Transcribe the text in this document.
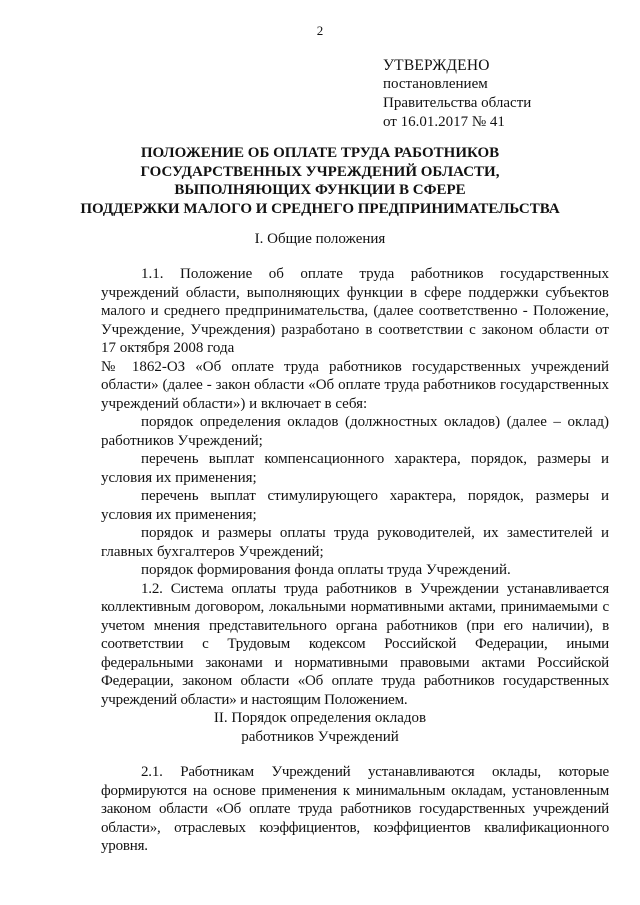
2
УТВЕРЖДЕНО
постановлением
Правительства области
от 16.01.2017 № 41
ПОЛОЖЕНИЕ ОБ ОПЛАТЕ ТРУДА РАБОТНИКОВ
ГОСУДАРСТВЕННЫХ УЧРЕЖДЕНИЙ ОБЛАСТИ,
ВЫПОЛНЯЮЩИХ ФУНКЦИИ В СФЕРЕ
ПОДДЕРЖКИ МАЛОГО И СРЕДНЕГО ПРЕДПРИНИМАТЕЛЬСТВА
I. Общие положения

1.1. Положение об оплате труда работников государственных учреждений области, выполняющих функции в сфере поддержки субъектов малого и среднего предпринимательства, (далее соответственно - Положение, Учреждение, Учреждения) разработано в соответствии с законом области от 17 октября 2008 года

№ 1862-ОЗ «Об оплате труда работников государственных учреждений области» (далее - закон области «Об оплате труда работников государственных учреждений области») и включает в себя:

порядок определения окладов (должностных окладов) (далее – оклад) работников Учреждений;

перечень выплат компенсационного характера, порядок, размеры и условия их применения;

перечень выплат стимулирующего характера, порядок, размеры и условия их применения;

порядок и размеры оплаты труда руководителей, их заместителей и главных бухгалтеров Учреждений;

порядок формирования фонда оплаты труда Учреждений.

1.2. Система оплаты труда работников в Учреждении устанавливается коллективным договором, локальными нормативными актами, принимаемыми с учетом мнения представительного органа работников (при его наличии), в соответствии с Трудовым кодексом Российской Федерации, иными федеральными законами и нормативными правовыми актами Российской Федерации, законом области «Об оплате труда работников государственных учреждений области» и настоящим Положением.

II. Порядок определения окладов
работников Учреждений

2.1. Работникам Учреждений устанавливаются оклады, которые формируются на основе применения к минимальным окладам, установленным законом области «Об оплате труда работников государственных учреждений области», отраслевых коэффициентов, коэффициентов квалификационного уровня.
